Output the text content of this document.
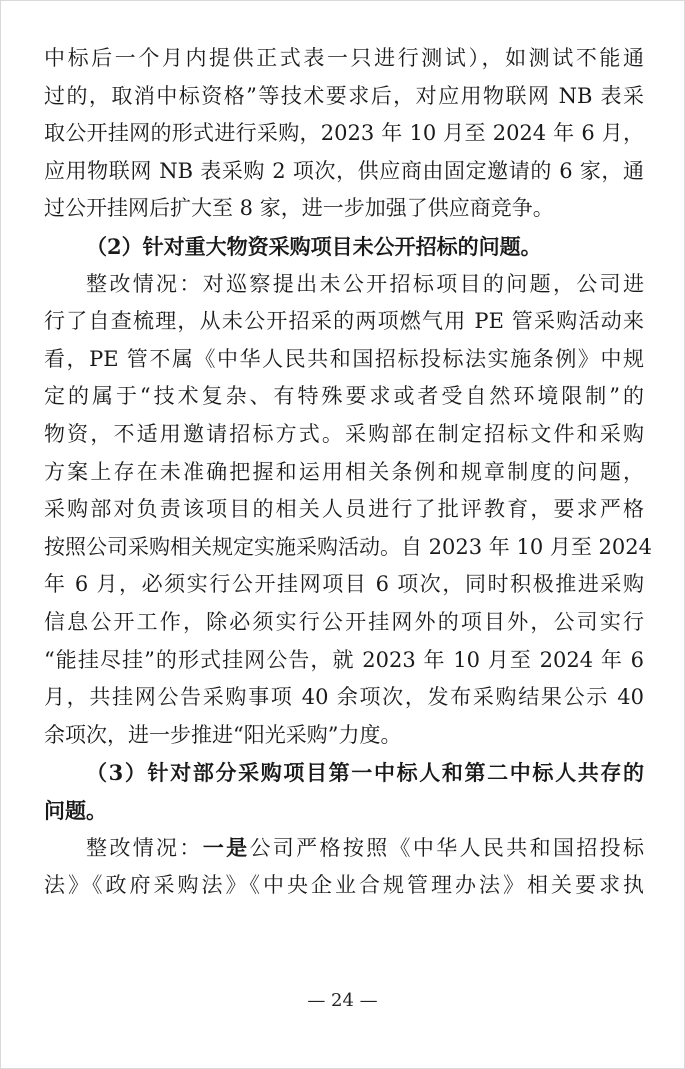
中标后一个月内提供正式表一只进行测试），如测试不能通
过的，取消中标资格”等技术要求后，对应用物联网 NB 表采
取公开挂网的形式进行采购，2023 年 10 月至 2024 年 6 月，
应用物联网 NB 表采购 2 项次，供应商由固定邀请的 6 家，通
过公开挂网后扩大至 8 家，进一步加强了供应商竞争。
（2）针对重大物资采购项目未公开招标的问题。
整改情况：对巡察提出未公开招标项目的问题，公司进
行了自查梳理，从未公开招采的两项燃气用 PE 管采购活动来
看，PE 管不属《中华人民共和国招标投标法实施条例》中规
定的属于“技术复杂、有特殊要求或者受自然环境限制”的
物资，不适用邀请招标方式。采购部在制定招标文件和采购
方案上存在未准确把握和运用相关条例和规章制度的问题，
采购部对负责该项目的相关人员进行了批评教育，要求严格
按照公司采购相关规定实施采购活动。自 2023 年 10 月至 2024
年 6 月，必须实行公开挂网项目 6 项次，同时积极推进采购
信息公开工作，除必须实行公开挂网外的项目外，公司实行
“能挂尽挂”的形式挂网公告，就 2023 年 10 月至 2024 年 6
月，共挂网公告采购事项 40 余项次，发布采购结果公示 40
余项次，进一步推进“阳光采购”力度。
（3）针对部分采购项目第一中标人和第二中标人共存的
问题。
整改情况：一是公司严格按照《中华人民共和国招投标
法》《政府采购法》《中央企业合规管理办法》相关要求执
— 24 —
